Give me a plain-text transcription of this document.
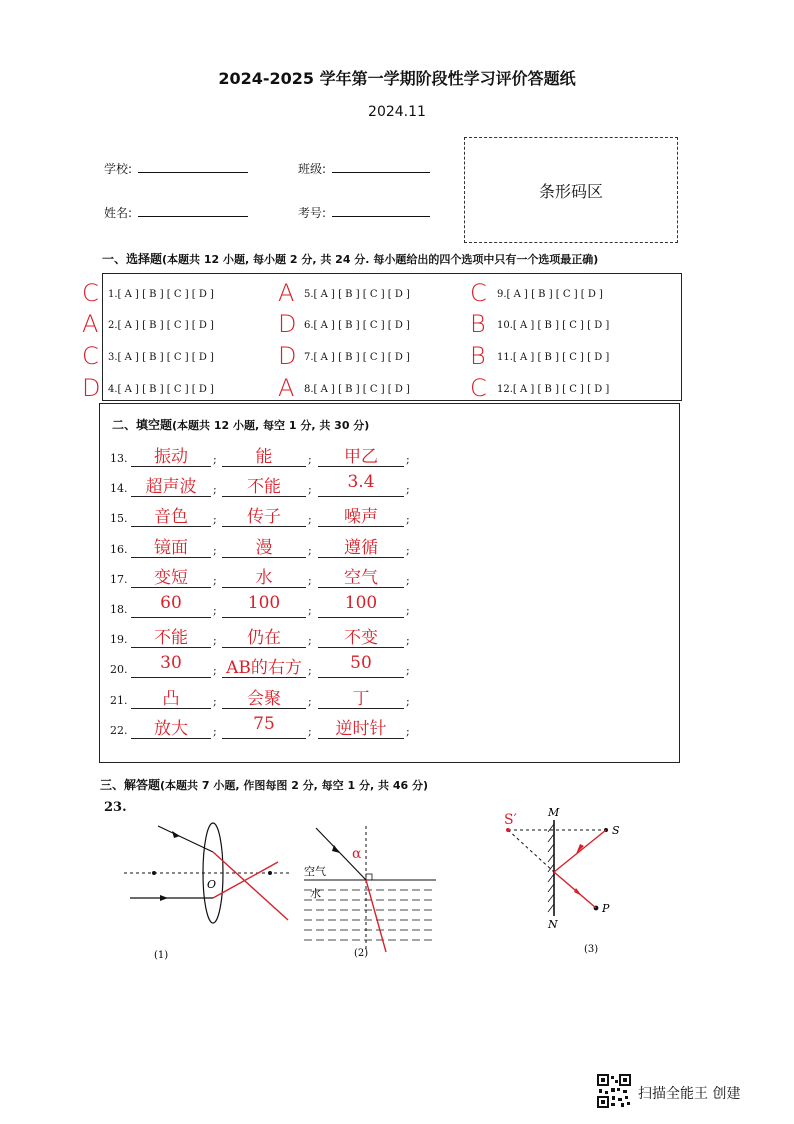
2024-2025 学年第一学期阶段性学习评价答题纸
2024.11
学校:	班级:
姓名:	考号:
条形码区
一、选择题(本题共 12 小题, 每小题 2 分, 共 24 分. 每小题给出的四个选项中只有一个选项最正确)
1.[ A ] [ B ] [ C ] [ D ]
C
2.[ A ] [ B ] [ C ] [ D ]
A
3.[ A ] [ B ] [ C ] [ D ]
C
4.[ A ] [ B ] [ C ] [ D ]
D
5.[ A ] [ B ] [ C ] [ D ]
A
6.[ A ] [ B ] [ C ] [ D ]
D
7.[ A ] [ B ] [ C ] [ D ]
D
8.[ A ] [ B ] [ C ] [ D ]
A
9.[ A ] [ B ] [ C ] [ D ]
C
10.[ A ] [ B ] [ C ] [ D ]
B
11.[ A ] [ B ] [ C ] [ D ]
B
12.[ A ] [ B ] [ C ] [ D ]
C
二、填空题(本题共 12 小题, 每空 1 分, 共 30 分)
13.	振动	;	能	;	甲乙	;
14.	超声波	;	不能	;	3.4	;
15.	音色	;	传子	;	噪声	;
16.	镜面	;	漫	;	遵循	;
17.	变短	;	水	;	空气	;
18.	60	;	100	;	100	;
19.	不能	;	仍在	;	不变	;
20.	30	; AB的右方 ;	50	;
21.	凸	;	会聚	;	丁	;
22.	放大	;	75	;	逆时针	;
三、解答题(本题共 7 小题, 作图每图 2 分, 每空 1 分, 共 46 分)
23.
O
(1)
α
空气
水
(2)
M
N
S
P
S′
(3)
扫描全能王 创建
